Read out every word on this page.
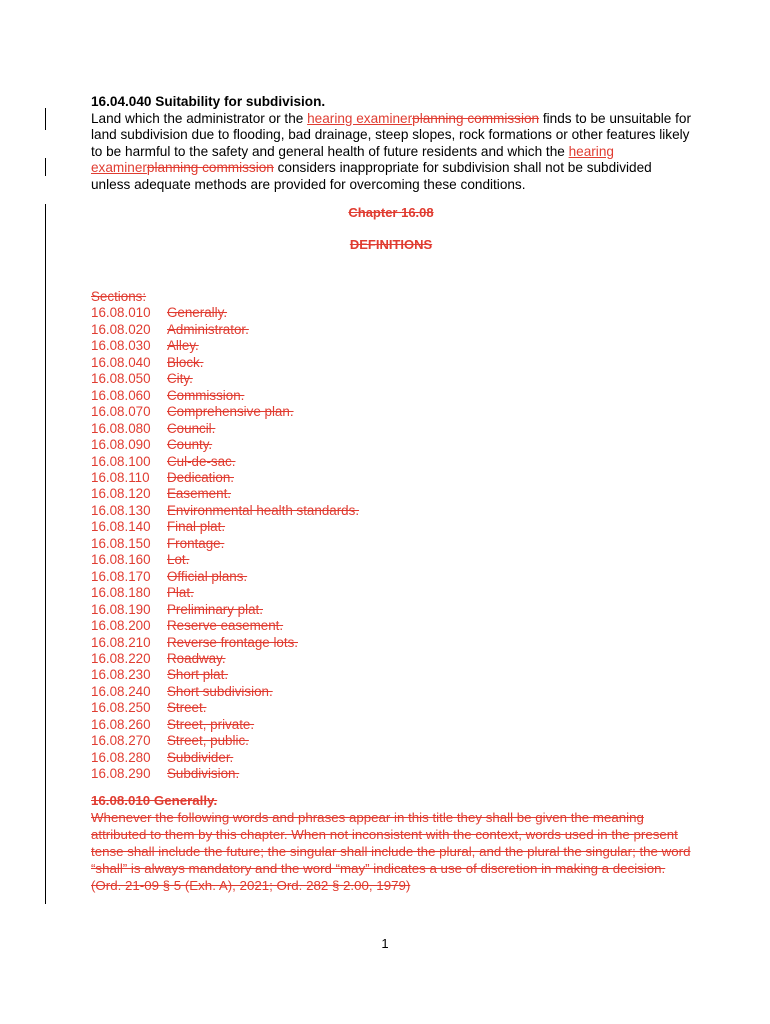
16.04.040 Suitability for subdivision.
Land which the administrator or the hearing examinerplanning commission finds to be unsuitable for land subdivision due to flooding, bad drainage, steep slopes, rock formations or other features likely to be harmful to the safety and general health of future residents and which the hearing examinerplanning commission considers inappropriate for subdivision shall not be subdivided unless adequate methods are provided for overcoming these conditions.
Chapter 16.08
DEFINITIONS
Sections:
16.08.010 Generally.
16.08.020 Administrator.
16.08.030 Alley.
16.08.040 Block.
16.08.050 City.
16.08.060 Commission.
16.08.070 Comprehensive plan.
16.08.080 Council.
16.08.090 County.
16.08.100 Cul-de-sac.
16.08.110 Dedication.
16.08.120 Easement.
16.08.130 Environmental health standards.
16.08.140 Final plat.
16.08.150 Frontage.
16.08.160 Lot.
16.08.170 Official plans.
16.08.180 Plat.
16.08.190 Preliminary plat.
16.08.200 Reserve easement.
16.08.210 Reverse frontage lots.
16.08.220 Roadway.
16.08.230 Short plat.
16.08.240 Short subdivision.
16.08.250 Street.
16.08.260 Street, private.
16.08.270 Street, public.
16.08.280 Subdivider.
16.08.290 Subdivision.
16.08.010 Generally.
Whenever the following words and phrases appear in this title they shall be given the meaning attributed to them by this chapter. When not inconsistent with the context, words used in the present tense shall include the future; the singular shall include the plural, and the plural the singular; the word “shall” is always mandatory and the word “may” indicates a use of discretion in making a decision. (Ord. 21-09 § 5 (Exh. A), 2021; Ord. 282 § 2.00, 1979)
1
